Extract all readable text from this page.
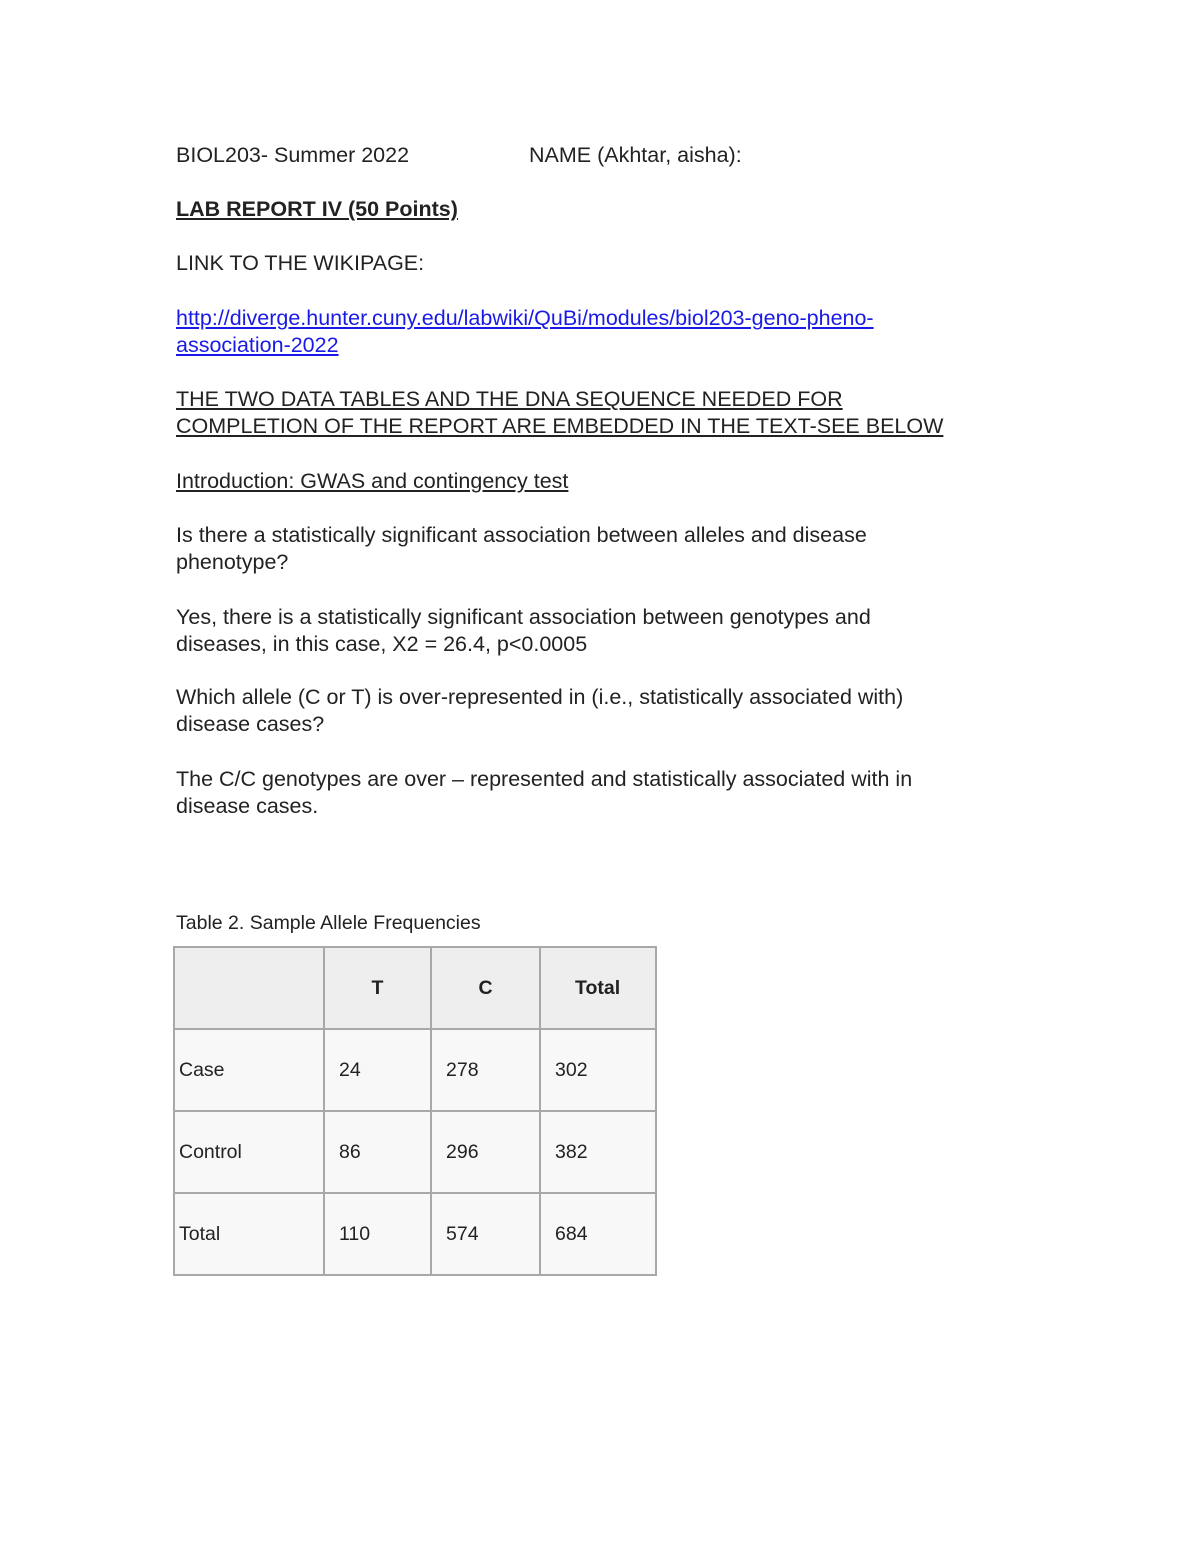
BIOL203- Summer 2022	NAME (Akhtar, aisha):
LAB REPORT IV (50 Points)
LINK TO THE WIKIPAGE:
http://diverge.hunter.cuny.edu/labwiki/QuBi/modules/biol203-geno-pheno-
association-2022
THE TWO DATA TABLES AND THE DNA SEQUENCE NEEDED FOR
COMPLETION OF THE REPORT ARE EMBEDDED IN THE TEXT-SEE BELOW
Introduction: GWAS and contingency test
Is there a statistically significant association between alleles and disease
phenotype?
Yes, there is a statistically significant association between genotypes and
diseases, in this case, X2 = 26.4, p<0.0005
Which allele (C or T) is over-represented in (i.e., statistically associated with)
disease cases?
The C/C genotypes are over – represented and statistically associated with in
disease cases.
Table 2. Sample Allele Frequencies
	T	C	Total
Case	24	278	302
Control	86	296	382
Total	110	574	684
